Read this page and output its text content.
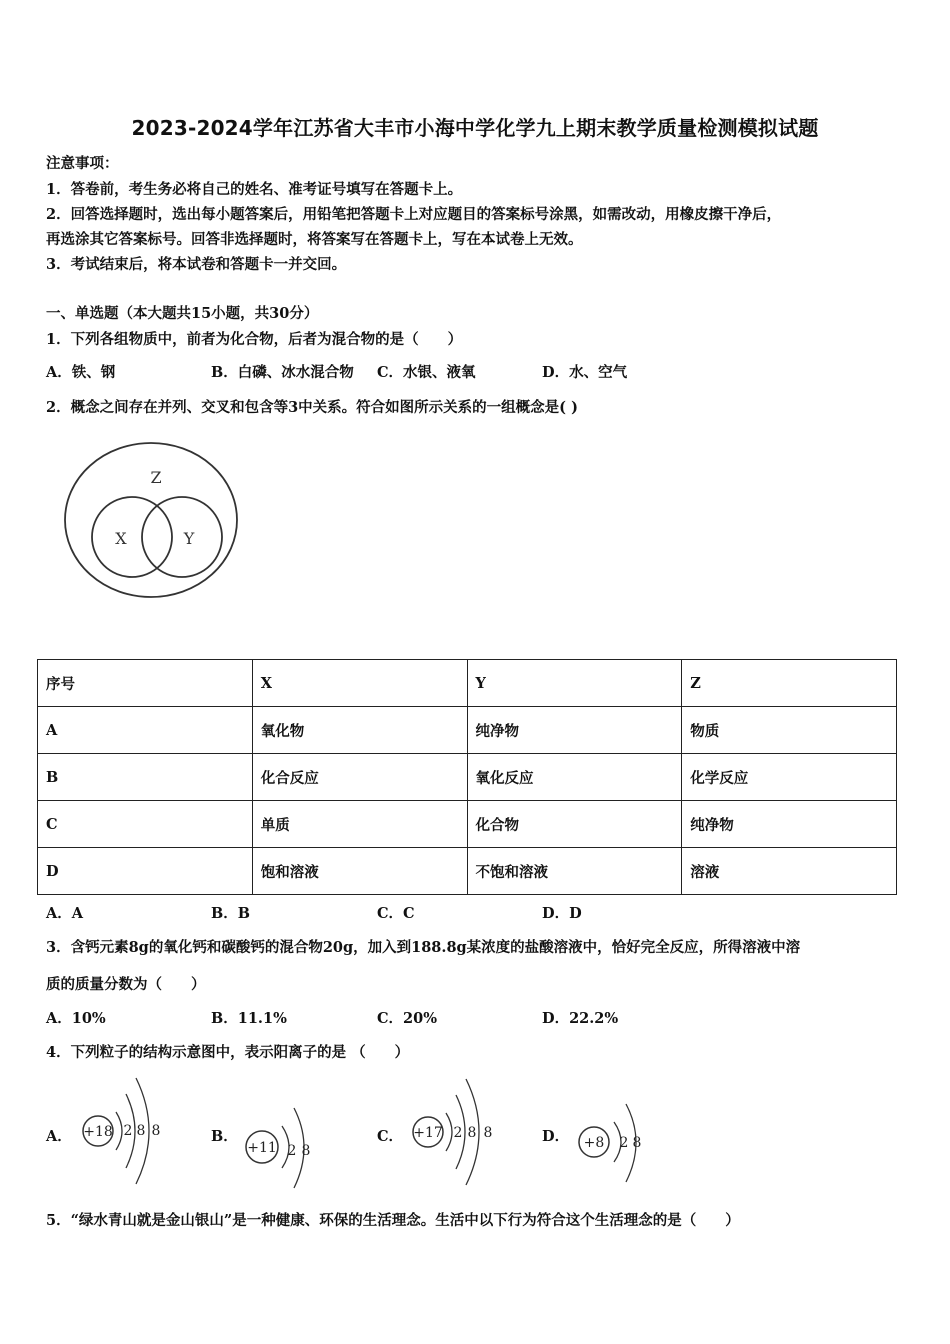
2023-2024学年江苏省大丰市小海中学化学九上期末教学质量检测模拟试题
注意事项：
1．答卷前，考生务必将自己的姓名、准考证号填写在答题卡上。
2．回答选择题时，选出每小题答案后，用铅笔把答题卡上对应题目的答案标号涂黑，如需改动，用橡皮擦干净后，
再选涂其它答案标号。回答非选择题时，将答案写在答题卡上，写在本试卷上无效。
3．考试结束后，将本试卷和答题卡一并交回。
一、单选题（本大题共15小题，共30分）
1．下列各组物质中，前者为化合物，后者为混合物的是（　　）
A．铁、钢	B．白磷、冰水混合物 C．水银、液氧	D．水、空气
2．概念之间存在并列、交叉和包含等3中关系。符合如图所示关系的一组概念是( )
Z
X	Y
序号	X	Y	Z
A	氧化物	纯净物	物质
B	化合反应	氧化反应	化学反应
C	单质	化合物	纯净物
D	饱和溶液	不饱和溶液	溶液
A．A	B．B	C．C	D．D
3．含钙元素8g的氧化钙和碳酸钙的混合物20g，加入到188.8g某浓度的盐酸溶液中，恰好完全反应，所得溶液中溶
质的质量分数为（　　）
A．10%	B．11.1%	C．20%	D．22.2%
4．下列粒子的结构示意图中，表示阳离子的是 （　　）
A． +18 2 8 8	B．
+11 2 8
C． +17 2 8 8	D． +8 2 8
5．“绿水青山就是金山银山”是一种健康、环保的生活理念。生活中以下行为符合这个生活理念的是（　　）
